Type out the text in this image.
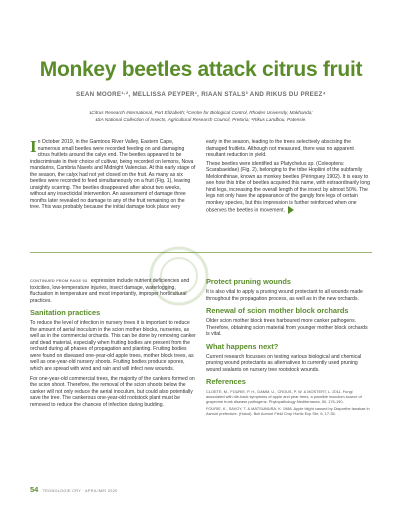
Monkey beetles attack citrus fruit
SEAN MOORE¹·², MELLISSA PEYPER¹, RIAAN STALS³ AND RIKUS DU PREEZ⁴
$^1$Citrus Research International, Port Elizabeth; ²Centre for Biological Control, Rhodes University, Makhanda;
$^3$SA National Collection of Insects, Agricultural Research Council, Pretoria; ⁴Rikus Landbou, Patensie.

In October 2019, in the Gamtoos River Valley, Eastern Cape, numerous small beetles were recorded feeding on and damaging citrus fruitlets around the calyx end. The beetles appeared to be indiscriminate in their choice of cultivar, being recorded on lemons, Nova mandarins, Cambria Navels and Midnight Valencias. At this early stage of the season, the calyx had not yet closed on the fruit. As many as six beetles were recorded to feed simultaneously on a fruit (Fig. 1), leaving unsightly scarring. The beetles disappeared after about two weeks, without any insecticidal intervention. An assessment of damage three months later revealed no damage to any of the fruit remaining on the tree. This was probably because the initial damage took place very

early in the season, leading to the trees selectively abscising the damaged fruitlets. Although not measured, there was no apparent resultant reduction in yield.

These beetles were identified as Platychelus sp. (Coleoptera: Scarabaeidae) (Fig. 2), belonging to the tribe Hopliini of the subfamily Melolonthinae, known as monkey beetles (Péringuey 1902). It is easy to see how this tribe of beetles acquired this name, with extraordinarily long hind legs, increasing the overall length of the insect by almost 50%. The legs not only have the appearance of the gangly fore legs of certain monkey species, but this impression is further reinforced when one observes the beetles in movement.

CONTINUED FROM PAGE 53 expression include nutrient deficiencies and toxicities, low-temperature injuries, insect damage, waterlogging, fluctuation in temperature and most importantly, improper horticultural practices.

Sanitation practices

To reduce the level of infection in nursery trees it is important to reduce the amount of aerial inoculum in the scion mother blocks, nurseries, as well as in the commercial orchards. This can be done by removing canker and dead material, especially when fruiting bodies are present from the orchard during all phases of propagation and planting. Fruiting bodies were found on diseased one-year-old apple trees, mother block trees, as well as one-year-old nursery shoots. Fruiting bodies produce spores, which are spread with wind and rain and will infect new wounds.

For one-year-old commercial trees, the majority of the cankers formed on the scion shoot. Therefore, the removal of the scion shoots below the canker will not only reduce the aerial inoculum, but could also potentially save the tree. The cankerous one-year-old rootstock plant must be removed to reduce the chances of infection during budding.

Protect pruning wounds

It is also vital to apply a pruning wound protectant to all wounds made throughout the propagation process, as well as in the new orchards.

Renewal of scion mother block orchards

Older scion mother block trees harboured more canker pathogens. Therefore, obtaining scion material from younger mother block orchards is vital.

What happens next?

Current research focusses on testing various biological and chemical pruning wound protectants as alternatives to currently used pruning wound sealants on nursery tree rootstock wounds.

References

CLOETE, M., FOURIE, P. H., DAMM, U., CROUS, P. W. & MOSTERT, L. 2011. Fungi associated with die-back symptoms of apple and pear trees, a possible inoculum source of grapevine trunk disease pathogens. Phytopathology Mediterranea, 50, 176-190.

FOURIE, K., SAVOY, T. & MATSUMURA, K. 1988. Apple blight caused by Diaporthe tanakae in Asmori prefecture. (Hokoi). Bull Aomori Field Crop Hortic Exp Stn, 6, 17-35.

54 TEGNOLOGIE CRY · APRIL/MEI 2020
